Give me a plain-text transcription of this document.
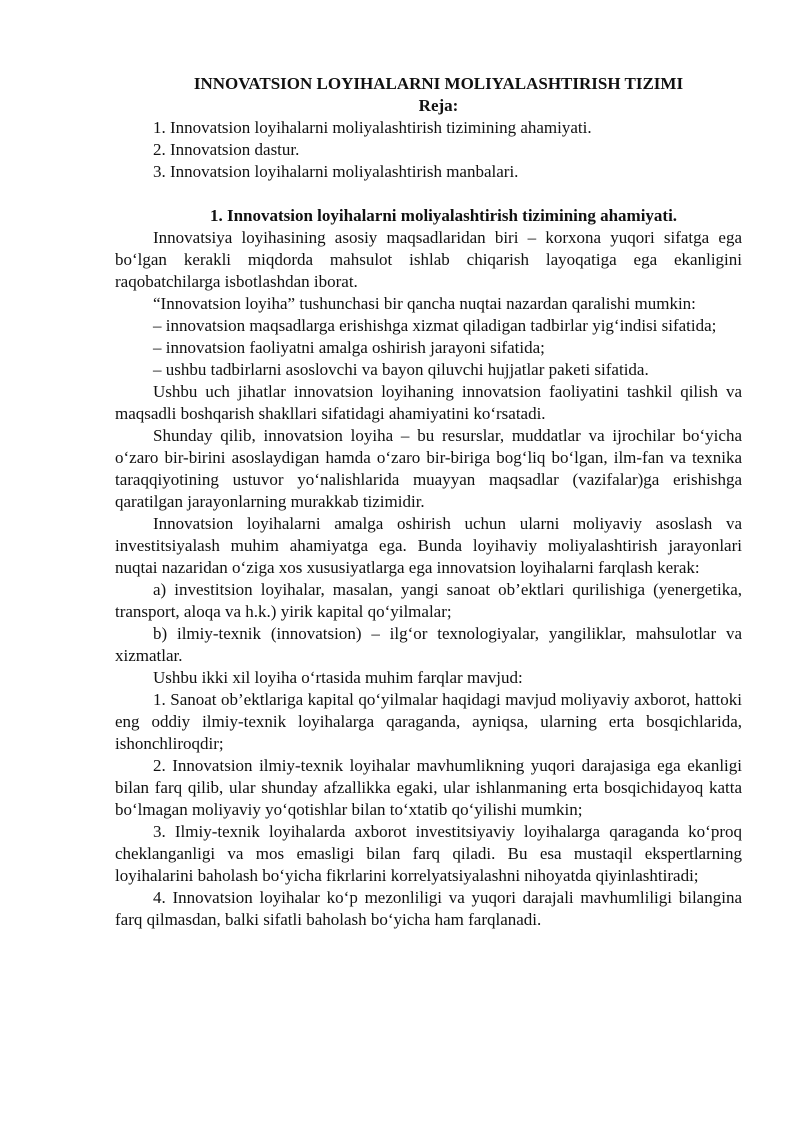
INNOVATSION LOYIHALARNI MOLIYALASHTIRISH TIZIMI
Reja:
1. Innovatsion loyihalarni moliyalashtirish tizimining ahamiyati.
2. Innovatsion dastur.
3. Innovatsion loyihalarni moliyalashtirish manbalari.
1. Innovatsion loyihalarni moliyalashtirish tizimining ahamiyati.

Innovatsiya loyihasining asosiy maqsadlaridan biri – korxona yuqori sifatga ega bo‘lgan kerakli miqdorda mahsulot ishlab chiqarish layoqatiga ega ekanligini raqobatchilarga isbotlashdan iborat.

“Innovatsion loyiha” tushunchasi bir qancha nuqtai nazardan qaralishi mumkin:

– innovatsion maqsadlarga erishishga xizmat qiladigan tadbirlar yig‘indisi sifatida;

– innovatsion faoliyatni amalga oshirish jarayoni sifatida;

– ushbu tadbirlarni asoslovchi va bayon qiluvchi hujjatlar paketi sifatida.

Ushbu uch jihatlar innovatsion loyihaning innovatsion faoliyatini tashkil qilish va maqsadli boshqarish shakllari sifatidagi ahamiyatini ko‘rsatadi.

Shunday qilib, innovatsion loyiha – bu resurslar, muddatlar va ijrochilar bo‘yicha o‘zaro bir-birini asoslaydigan hamda o‘zaro bir-biriga bog‘liq bo‘lgan, ilm-fan va texnika taraqqiyotining ustuvor yo‘nalishlarida muayyan maqsadlar (vazifalar)ga erishishga qaratilgan jarayonlarning murakkab tizimidir.

Innovatsion loyihalarni amalga oshirish uchun ularni moliyaviy asoslash va investitsiyalash muhim ahamiyatga ega. Bunda loyihaviy moliyalashtirish jarayonlari nuqtai nazaridan o‘ziga xos xususiyatlarga ega innovatsion loyihalarni farqlash kerak:

a) investitsion loyihalar, masalan, yangi sanoat ob’ektlari qurilishiga (yenergetika, transport, aloqa va h.k.) yirik kapital qo‘yilmalar;

b) ilmiy-texnik (innovatsion) – ilg‘or texnologiyalar, yangiliklar, mahsulotlar va xizmatlar.

Ushbu ikki xil loyiha o‘rtasida muhim farqlar mavjud:

1. Sanoat ob’ektlariga kapital qo‘yilmalar haqidagi mavjud moliyaviy axborot, hattoki eng oddiy ilmiy-texnik loyihalarga qaraganda, ayniqsa, ularning erta bosqichlarida, ishonchliroqdir;

2. Innovatsion ilmiy-texnik loyihalar mavhumlikning yuqori darajasiga ega ekanligi bilan farq qilib, ular shunday afzallikka egaki, ular ishlanmaning erta bosqichidayoq katta bo‘lmagan moliyaviy yo‘qotishlar bilan to‘xtatib qo‘yilishi mumkin;

3. Ilmiy-texnik loyihalarda axborot investitsiyaviy loyihalarga qaraganda ko‘proq cheklanganligi va mos emasligi bilan farq qiladi. Bu esa mustaqil ekspertlarning loyihalarini baholash bo‘yicha fikrlarini korrelyatsiyalashni nihoyatda qiyinlashtiradi;

4. Innovatsion loyihalar ko‘p mezonliligi va yuqori darajali mavhumliligi bilangina farq qilmasdan, balki sifatli baholash bo‘yicha ham farqlanadi.
